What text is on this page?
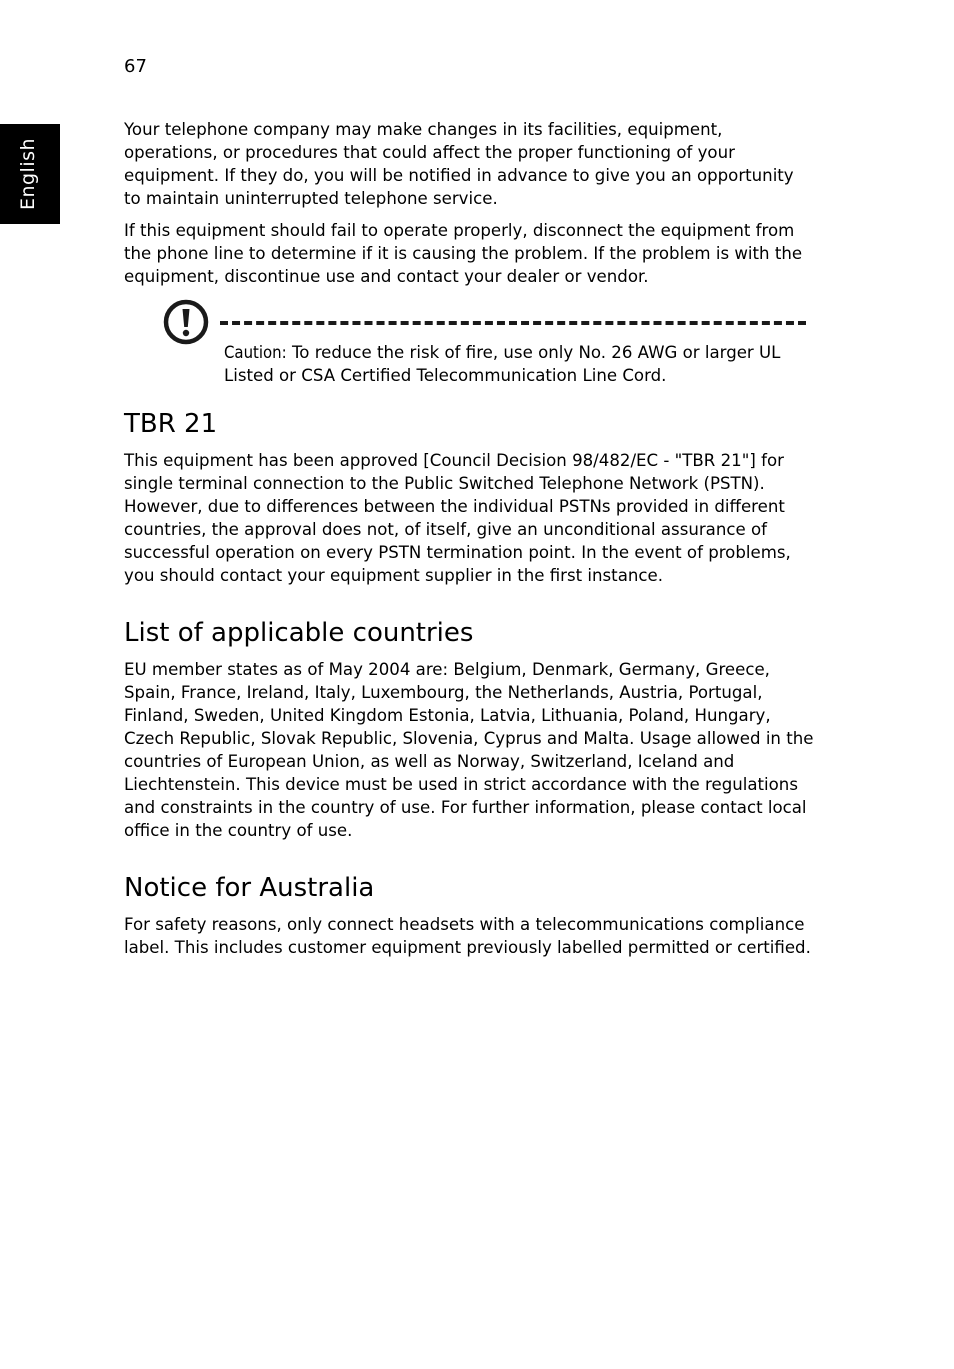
67
English

Your telephone company may make changes in its facilities, equipment, operations, or procedures that could affect the proper functioning of your equipment. If they do, you will be notified in advance to give you an opportunity to maintain uninterrupted telephone service.

If this equipment should fail to operate properly, disconnect the equipment from the phone line to determine if it is causing the problem. If the problem is with the equipment, discontinue use and contact your dealer or vendor.

Caution: To reduce the risk of fire, use only No. 26 AWG or larger UL Listed or CSA Certified Telecommunication Line Cord.

TBR 21

This equipment has been approved [Council Decision 98/482/EC - "TBR 21"] for single terminal connection to the Public Switched Telephone Network (PSTN). However, due to differences between the individual PSTNs provided in different countries, the approval does not, of itself, give an unconditional assurance of successful operation on every PSTN termination point. In the event of problems, you should contact your equipment supplier in the first instance.

List of applicable countries

EU member states as of May 2004 are: Belgium, Denmark, Germany, Greece, Spain, France, Ireland, Italy, Luxembourg, the Netherlands, Austria, Portugal, Finland, Sweden, United Kingdom Estonia, Latvia, Lithuania, Poland, Hungary, Czech Republic, Slovak Republic, Slovenia, Cyprus and Malta. Usage allowed in the countries of European Union, as well as Norway, Switzerland, Iceland and Liechtenstein. This device must be used in strict accordance with the regulations and constraints in the country of use. For further information, please contact local office in the country of use.

Notice for Australia

For safety reasons, only connect headsets with a telecommunications compliance label. This includes customer equipment previously labelled permitted or certified.
